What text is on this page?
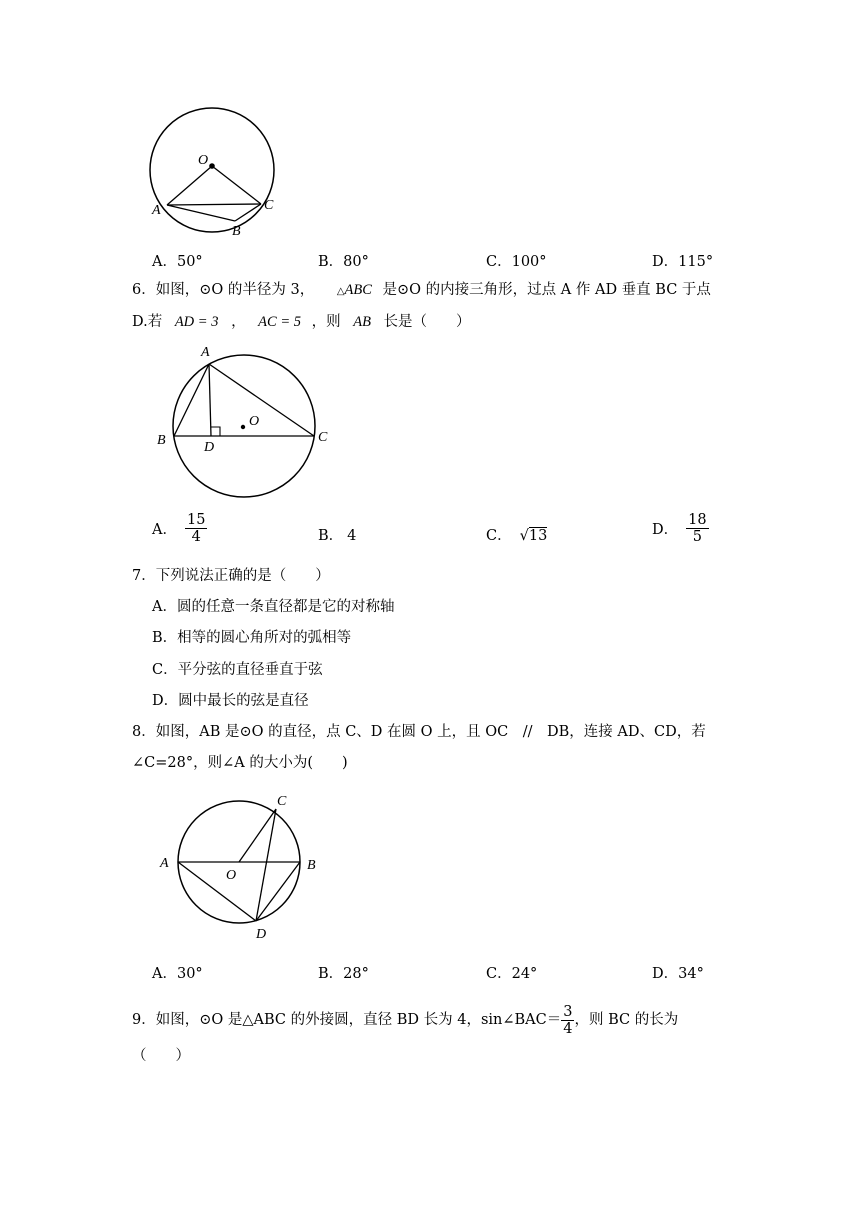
O
A
B
C
A．50°	B．80°	C．100°	D．115°
6．如图，⊙O 的半径为 3， △ABC 是⊙O 的内接三角形，过点 A 作 AD 垂直 BC 于点
D.若 AD = 3 ， AC = 5 ，则 AB 长是（　　）
A
B	C
D
O
A． $\frac{15}{4}$	B． 4	C． √13	D． $\frac{18}{5}$
7．下列说法正确的是（　　）
A．圆的任意一条直径都是它的对称轴
B．相等的圆心角所对的弧相等
C．平分弦的直径垂直于弦
D．圆中最长的弦是直径
8．如图，AB 是⊙O 的直径，点 C、D 在圆 O 上，且 OC　//　DB，连接 AD、CD，若
∠C=28°，则∠A 的大小为(　　)
A	B
C
D
O
A．30°	B．28°	C．24°	D．34°
9．如图，⊙O 是△ABC 的外接圆，直径 BD 长为 4，sin∠BAC＝ $\frac{3}{4}$ ，则 BC 的长为
（　　）
